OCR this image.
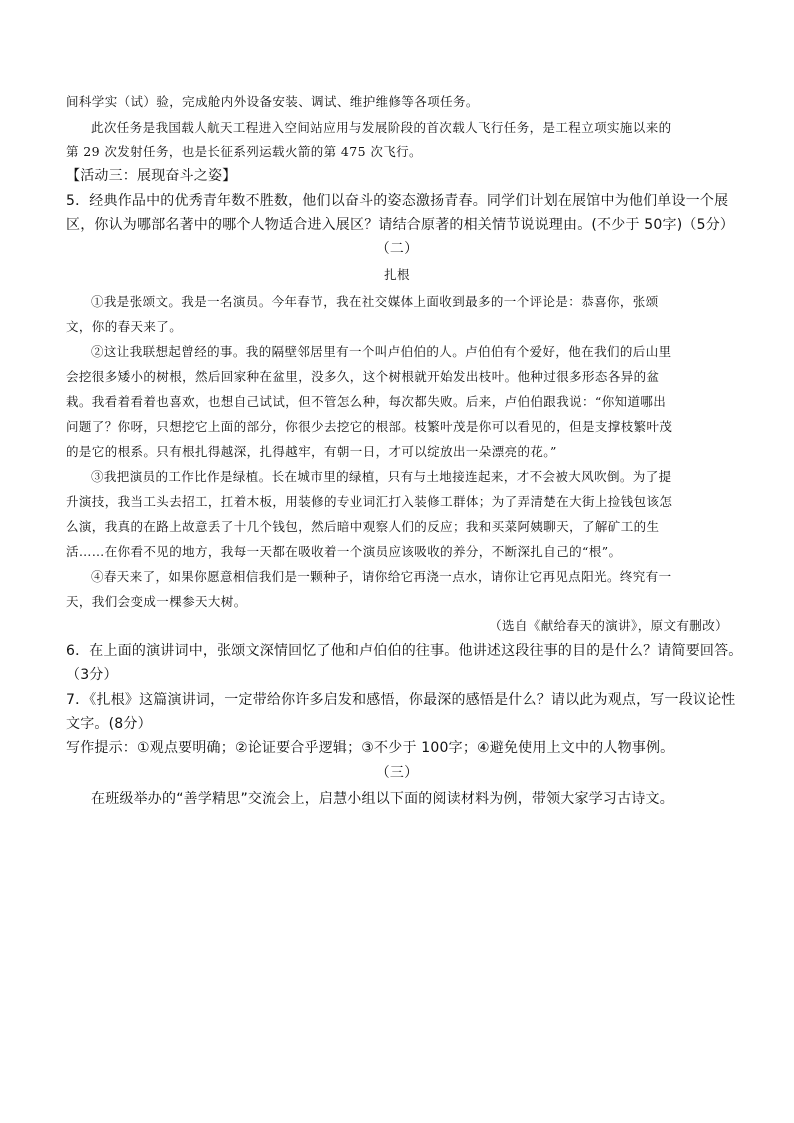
间科学实（试）验，完成舱内外设备安装、调试、维护维修等各项任务。
此次任务是我国载人航天工程进入空间站应用与发展阶段的首次载人飞行任务，是工程立项实施以来的
第 29 次发射任务，也是长征系列运载火箭的第 475 次飞行。
【活动三：展现奋斗之姿】
5．经典作品中的优秀青年数不胜数，他们以奋斗的姿态激扬青春。同学们计划在展馆中为他们单设一个展
区，你认为哪部名著中的哪个人物适合进入展区？请结合原著的相关情节说说理由。(不少于 50字)（5分）
（二）
扎根
①我是张颂文。我是一名演员。今年春节，我在社交媒体上面收到最多的一个评论是：恭喜你，张颂
文，你的春天来了。
②这让我联想起曾经的事。我的隔壁邻居里有一个叫卢伯伯的人。卢伯伯有个爱好，他在我们的后山里
会挖很多矮小的树根，然后回家种在盆里，没多久，这个树根就开始发出枝叶。他种过很多形态各异的盆
栽。我看着看着也喜欢，也想自己试试，但不管怎么种，每次都失败。后来，卢伯伯跟我说：“你知道哪出
问题了？你呀，只想挖它上面的部分，你很少去挖它的根部。枝繁叶茂是你可以看见的，但是支撑枝繁叶茂
的是它的根系。只有根扎得越深，扎得越牢，有朝一日，才可以绽放出一朵漂亮的花。”
③我把演员的工作比作是绿植。长在城市里的绿植，只有与土地接连起来，才不会被大风吹倒。为了提
升演技，我当工头去招工，扛着木板，用装修的专业词汇打入装修工群体；为了弄清楚在大街上捡钱包该怎
么演，我真的在路上故意丢了十几个钱包，然后暗中观察人们的反应；我和买菜阿姨聊天，了解矿工的生
活……在你看不见的地方，我每一天都在吸收着一个演员应该吸收的养分，不断深扎自己的“根”。
④春天来了，如果你愿意相信我们是一颗种子，请你给它再浇一点水，请你让它再见点阳光。终究有一
天，我们会变成一棵参天大树。
（选自《献给春天的演讲》，原文有删改）
6．在上面的演讲词中，张颂文深情回忆了他和卢伯伯的往事。他讲述这段往事的目的是什么？请简要回答。
（3分）
7．《扎根》这篇演讲词，一定带给你许多启发和感悟，你最深的感悟是什么？请以此为观点，写一段议论性
文字。(8分）
写作提示：①观点要明确；②论证要合乎逻辑；③不少于 100字；④避免使用上文中的人物事例。
（三）
在班级举办的“善学精思”交流会上，启慧小组以下面的阅读材料为例，带领大家学习古诗文。
